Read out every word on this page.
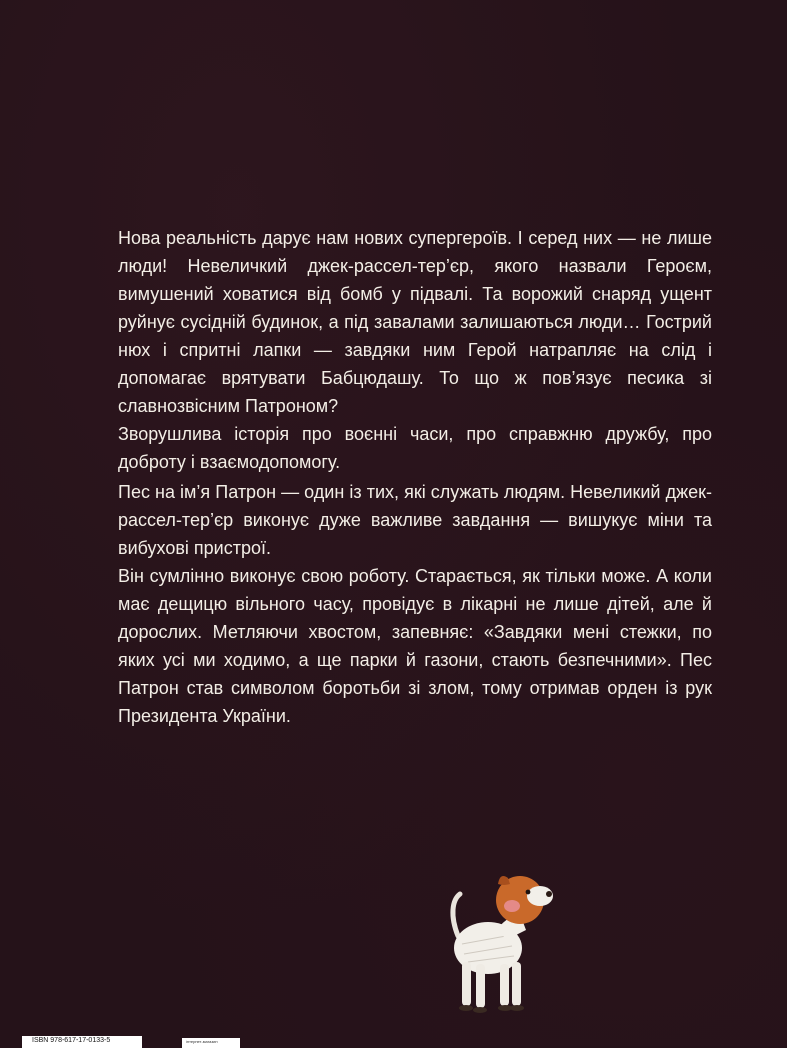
Нова реальність дарує нам нових супергероїв. І серед них — не лише люди! Невеличкий джек-рассел-тер’єр, якого назвали Героєм, вимушений ховатися від бомб у підвалі. Та ворожий снаряд ущент руйнує сусідній будинок, а під завалами залишаються люди… Гострий нюх і спритні лапки — завдяки ним Герой натрапляє на слід і допомагає врятувати Бабцюдашу. То що ж пов’язує песика зі славнозвісним Патроном?

Зворушлива історія про воєнні часи, про справжню дружбу, про доброту і взаємодопомогу.

Пес на ім’я Патрон — один із тих, які служать людям. Невеликий джек-рассел-тер’єр виконує дуже важливе завдання — вишукує міни та вибухові пристрої.

Він сумлінно виконує свою роботу. Старається, як тільки може. А коли має дещицю вільного часу, провідує в лікарні не лише дітей, але й дорослих. Метляючи хвостом, запевняє: «Завдяки мені стежки, по яких усі ми ходимо, а ще парки й газони, стають безпечними». Пес Патрон став символом боротьби зі злом, тому отримав орден із рук Президента України.

ISBN 978-617-17-0133-5	інтернет-магазин
